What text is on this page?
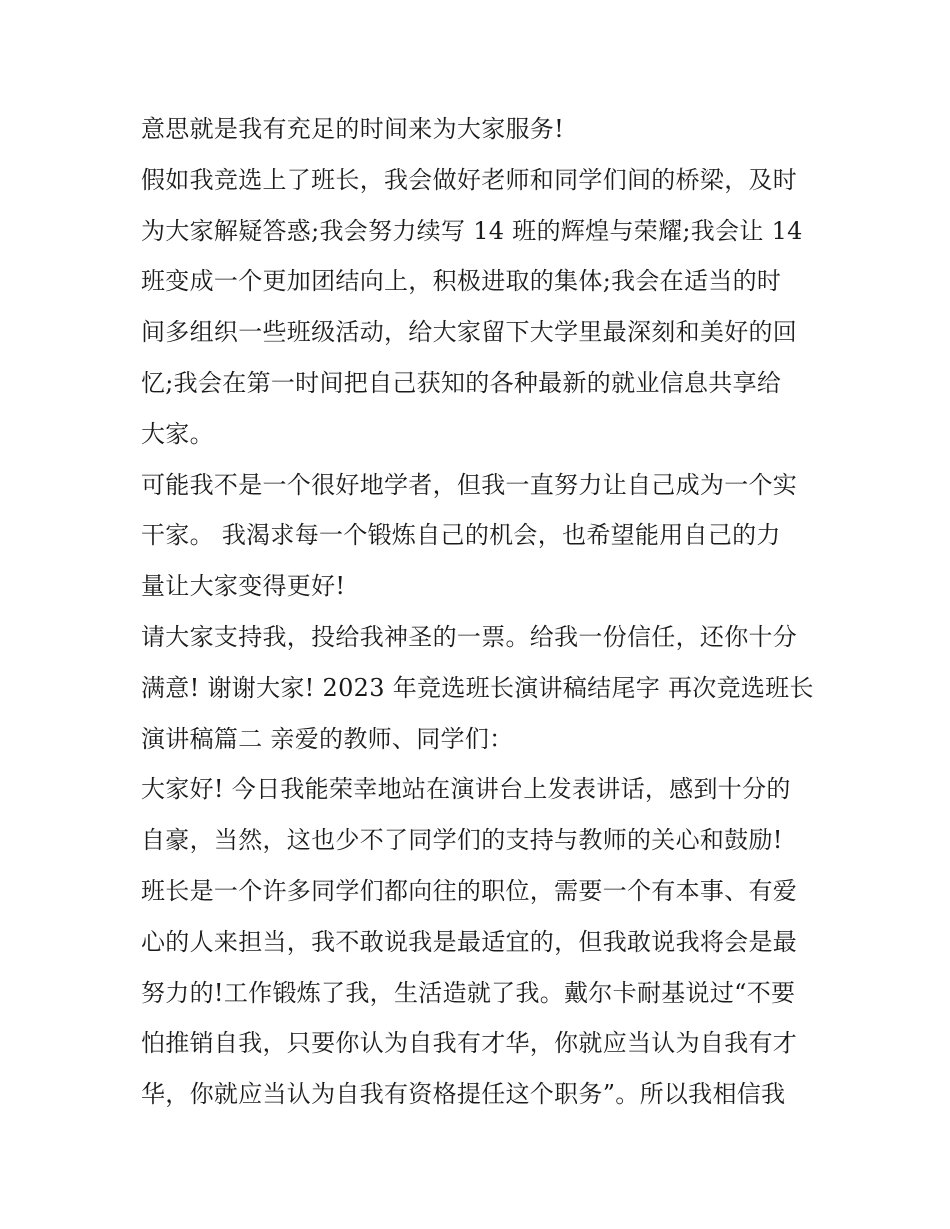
意思就是我有充足的时间来为大家服务!
假如我竞选上了班长，我会做好老师和同学们间的桥梁，及时
为大家解疑答惑;我会努力续写 14 班的辉煌与荣耀;我会让 14
班变成一个更加团结向上，积极进取的集体;我会在适当的时
间多组织一些班级活动，给大家留下大学里最深刻和美好的回
忆;我会在第一时间把自己获知的各种最新的就业信息共享给
大家。
可能我不是一个很好地学者，但我一直努力让自己成为一个实
干家。 我渴求每一个锻炼自己的机会，也希望能用自己的力
量让大家变得更好!
请大家支持我，投给我神圣的一票。给我一份信任，还你十分
满意! 谢谢大家! 2023 年竞选班长演讲稿结尾字 再次竞选班长
演讲稿篇二 亲爱的教师、同学们：
大家好! 今日我能荣幸地站在演讲台上发表讲话，感到十分的
自豪，当然，这也少不了同学们的支持与教师的关心和鼓励!
班长是一个许多同学们都向往的职位，需要一个有本事、有爱
心的人来担当，我不敢说我是最适宜的，但我敢说我将会是最
努力的!工作锻炼了我，生活造就了我。戴尔卡耐基说过“不要
怕推销自我，只要你认为自我有才华，你就应当认为自我有才
华，你就应当认为自我有资格提任这个职务”。所以我相信我
